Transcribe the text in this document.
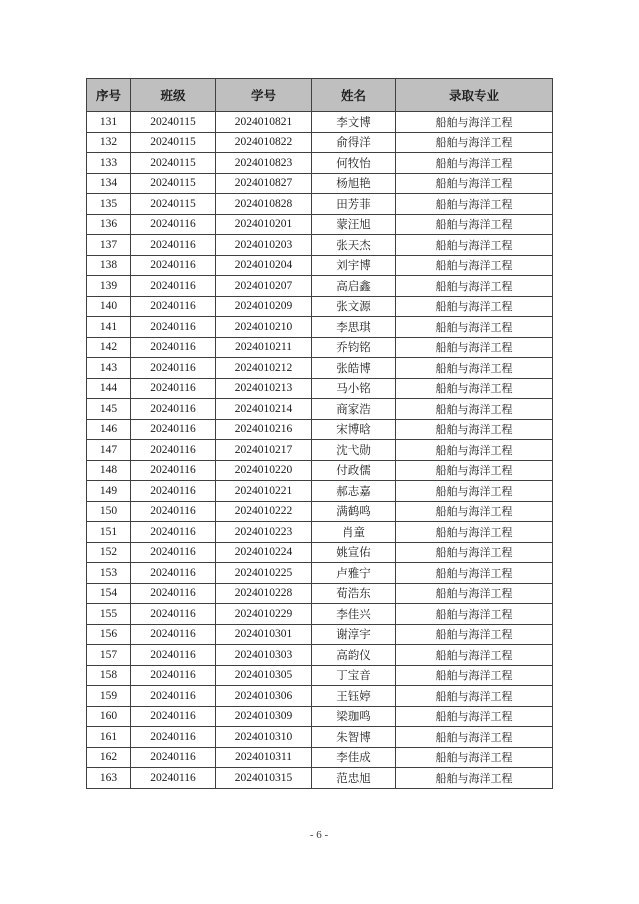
序号	班级	学号	姓名	录取专业
131	20240115	2024010821	李文博	船舶与海洋工程
132	20240115	2024010822	俞得洋	船舶与海洋工程
133	20240115	2024010823	何牧怡	船舶与海洋工程
134	20240115	2024010827	杨旭艳	船舶与海洋工程
135	20240115	2024010828	田芳菲	船舶与海洋工程
136	20240116	2024010201	蒙汪旭	船舶与海洋工程
137	20240116	2024010203	张天杰	船舶与海洋工程
138	20240116	2024010204	刘宇博	船舶与海洋工程
139	20240116	2024010207	高启鑫	船舶与海洋工程
140	20240116	2024010209	张文源	船舶与海洋工程
141	20240116	2024010210	李思琪	船舶与海洋工程
142	20240116	2024010211	乔钧铭	船舶与海洋工程
143	20240116	2024010212	张皓博	船舶与海洋工程
144	20240116	2024010213	马小铭	船舶与海洋工程
145	20240116	2024010214	商家浩	船舶与海洋工程
146	20240116	2024010216	宋博晗	船舶与海洋工程
147	20240116	2024010217	沈弋勋	船舶与海洋工程
148	20240116	2024010220	付政儒	船舶与海洋工程
149	20240116	2024010221	郝志嘉	船舶与海洋工程
150	20240116	2024010222	满鹤鸣	船舶与海洋工程
151	20240116	2024010223	肖童	船舶与海洋工程
152	20240116	2024010224	姚宣佑	船舶与海洋工程
153	20240116	2024010225	卢雅宁	船舶与海洋工程
154	20240116	2024010228	荀浩东	船舶与海洋工程
155	20240116	2024010229	李佳兴	船舶与海洋工程
156	20240116	2024010301	谢淳宇	船舶与海洋工程
157	20240116	2024010303	高韵仪	船舶与海洋工程
158	20240116	2024010305	丁宝音	船舶与海洋工程
159	20240116	2024010306	王钰婷	船舶与海洋工程
160	20240116	2024010309	梁珈鸣	船舶与海洋工程
161	20240116	2024010310	朱智博	船舶与海洋工程
162	20240116	2024010311	李佳成	船舶与海洋工程
163	20240116	2024010315	范忠旭	船舶与海洋工程
- 6 -
